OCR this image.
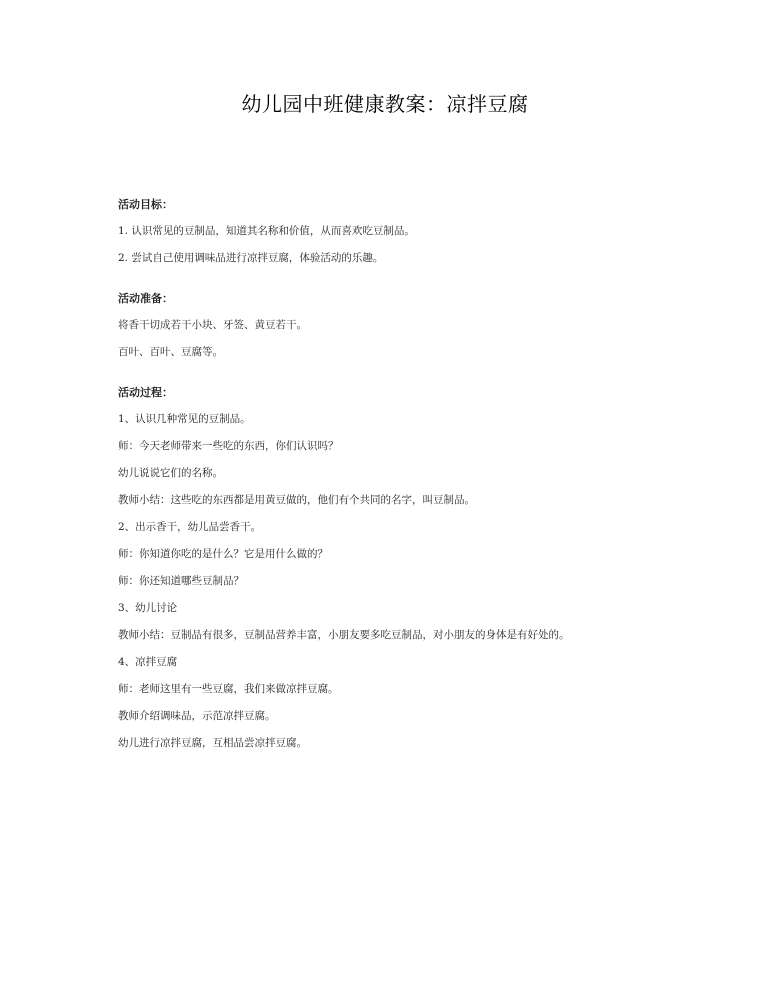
幼儿园中班健康教案：凉拌豆腐
活动目标：
1. 认识常见的豆制品，知道其名称和价值，从而喜欢吃豆制品。
2. 尝试自己使用调味品进行凉拌豆腐，体验活动的乐趣。
活动准备：
将香干切成若干小块、牙签、黄豆若干。
百叶、百叶、豆腐等。
活动过程：
1、认识几种常见的豆制品。
师：今天老师带来一些吃的东西，你们认识吗？
幼儿说说它们的名称。
教师小结：这些吃的东西都是用黄豆做的，他们有个共同的名字，叫豆制品。
2、出示香干，幼儿品尝香干。
师：你知道你吃的是什么？它是用什么做的？
师：你还知道哪些豆制品？
3、幼儿讨论
教师小结：豆制品有很多，豆制品营养丰富，小朋友要多吃豆制品，对小朋友的身体是有好处的。
4、凉拌豆腐
师：老师这里有一些豆腐，我们来做凉拌豆腐。
教师介绍调味品，示范凉拌豆腐。
幼儿进行凉拌豆腐，互相品尝凉拌豆腐。
